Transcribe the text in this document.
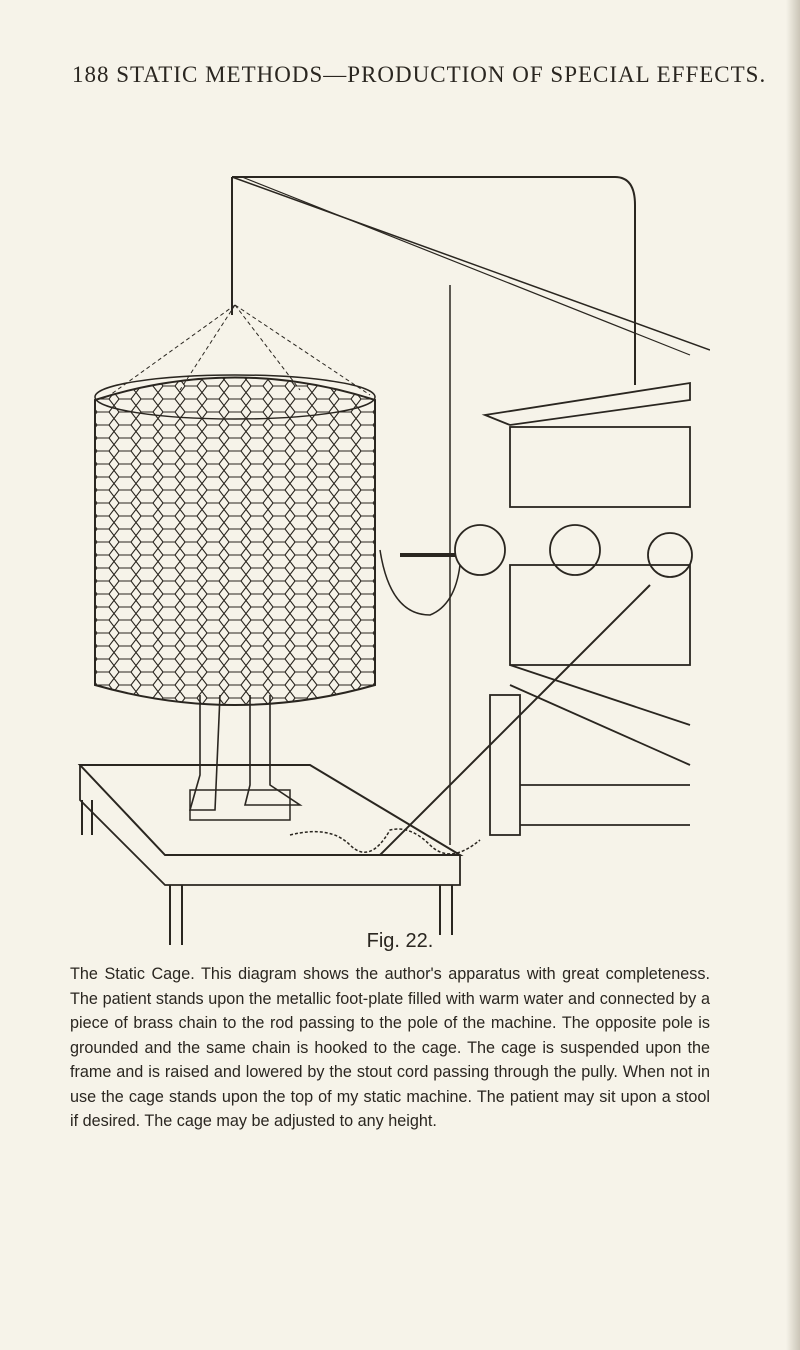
188 STATIC METHODS—PRODUCTION OF SPECIAL EFFECTS.
Fig. 22.
The Static Cage. This diagram shows the author's apparatus with great completeness. The patient stands upon the metallic foot-plate filled with warm water and connected by a piece of brass chain to the rod passing to the pole of the machine. The opposite pole is grounded and the same chain is hooked to the cage. The cage is suspended upon the frame and is raised and lowered by the stout cord passing through the pully. When not in use the cage stands upon the top of my static machine. The patient may sit upon a stool if desired. The cage may be adjusted to any height.
